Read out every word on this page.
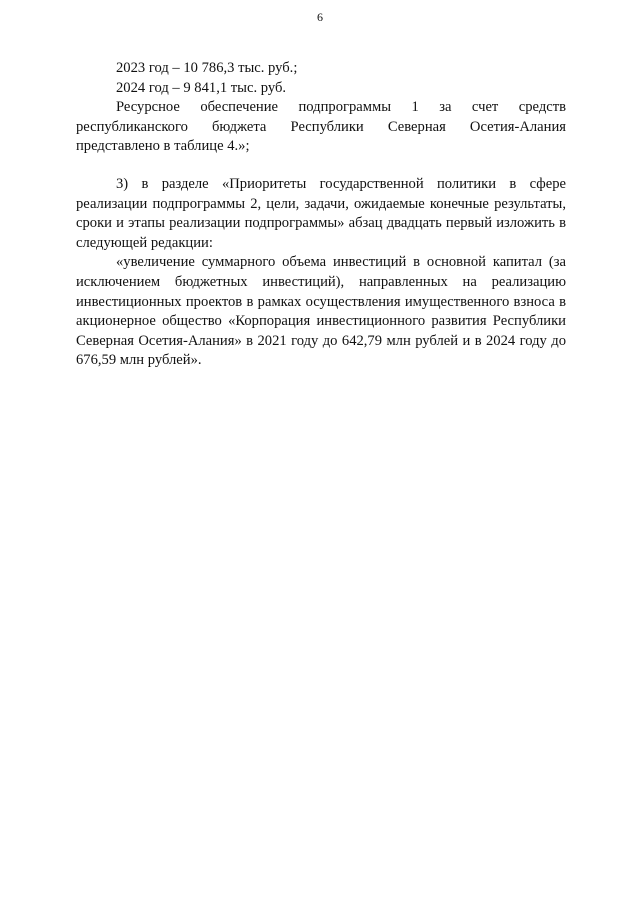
6

2023 год – 10 786,3 тыс. руб.;

2024 год – 9 841,1 тыс. руб.

Ресурсное обеспечение подпрограммы 1 за счет средств республиканского бюджета Республики Северная Осетия-Алания представлено в таблице 4.»;

3) в разделе «Приоритеты государственной политики в сфере реализации подпрограммы 2, цели, задачи, ожидаемые конечные результаты, сроки и этапы реализации подпрограммы» абзац двадцать первый изложить в следующей редакции:

«увеличение суммарного объема инвестиций в основной капитал (за исключением бюджетных инвестиций), направленных на реализацию инвестиционных проектов в рамках осуществления имущественного взноса в акционерное общество «Корпорация инвестиционного развития Республики Северная Осетия-Алания» в 2021 году до 642,79 млн рублей и в 2024 году до 676,59 млн рублей».
